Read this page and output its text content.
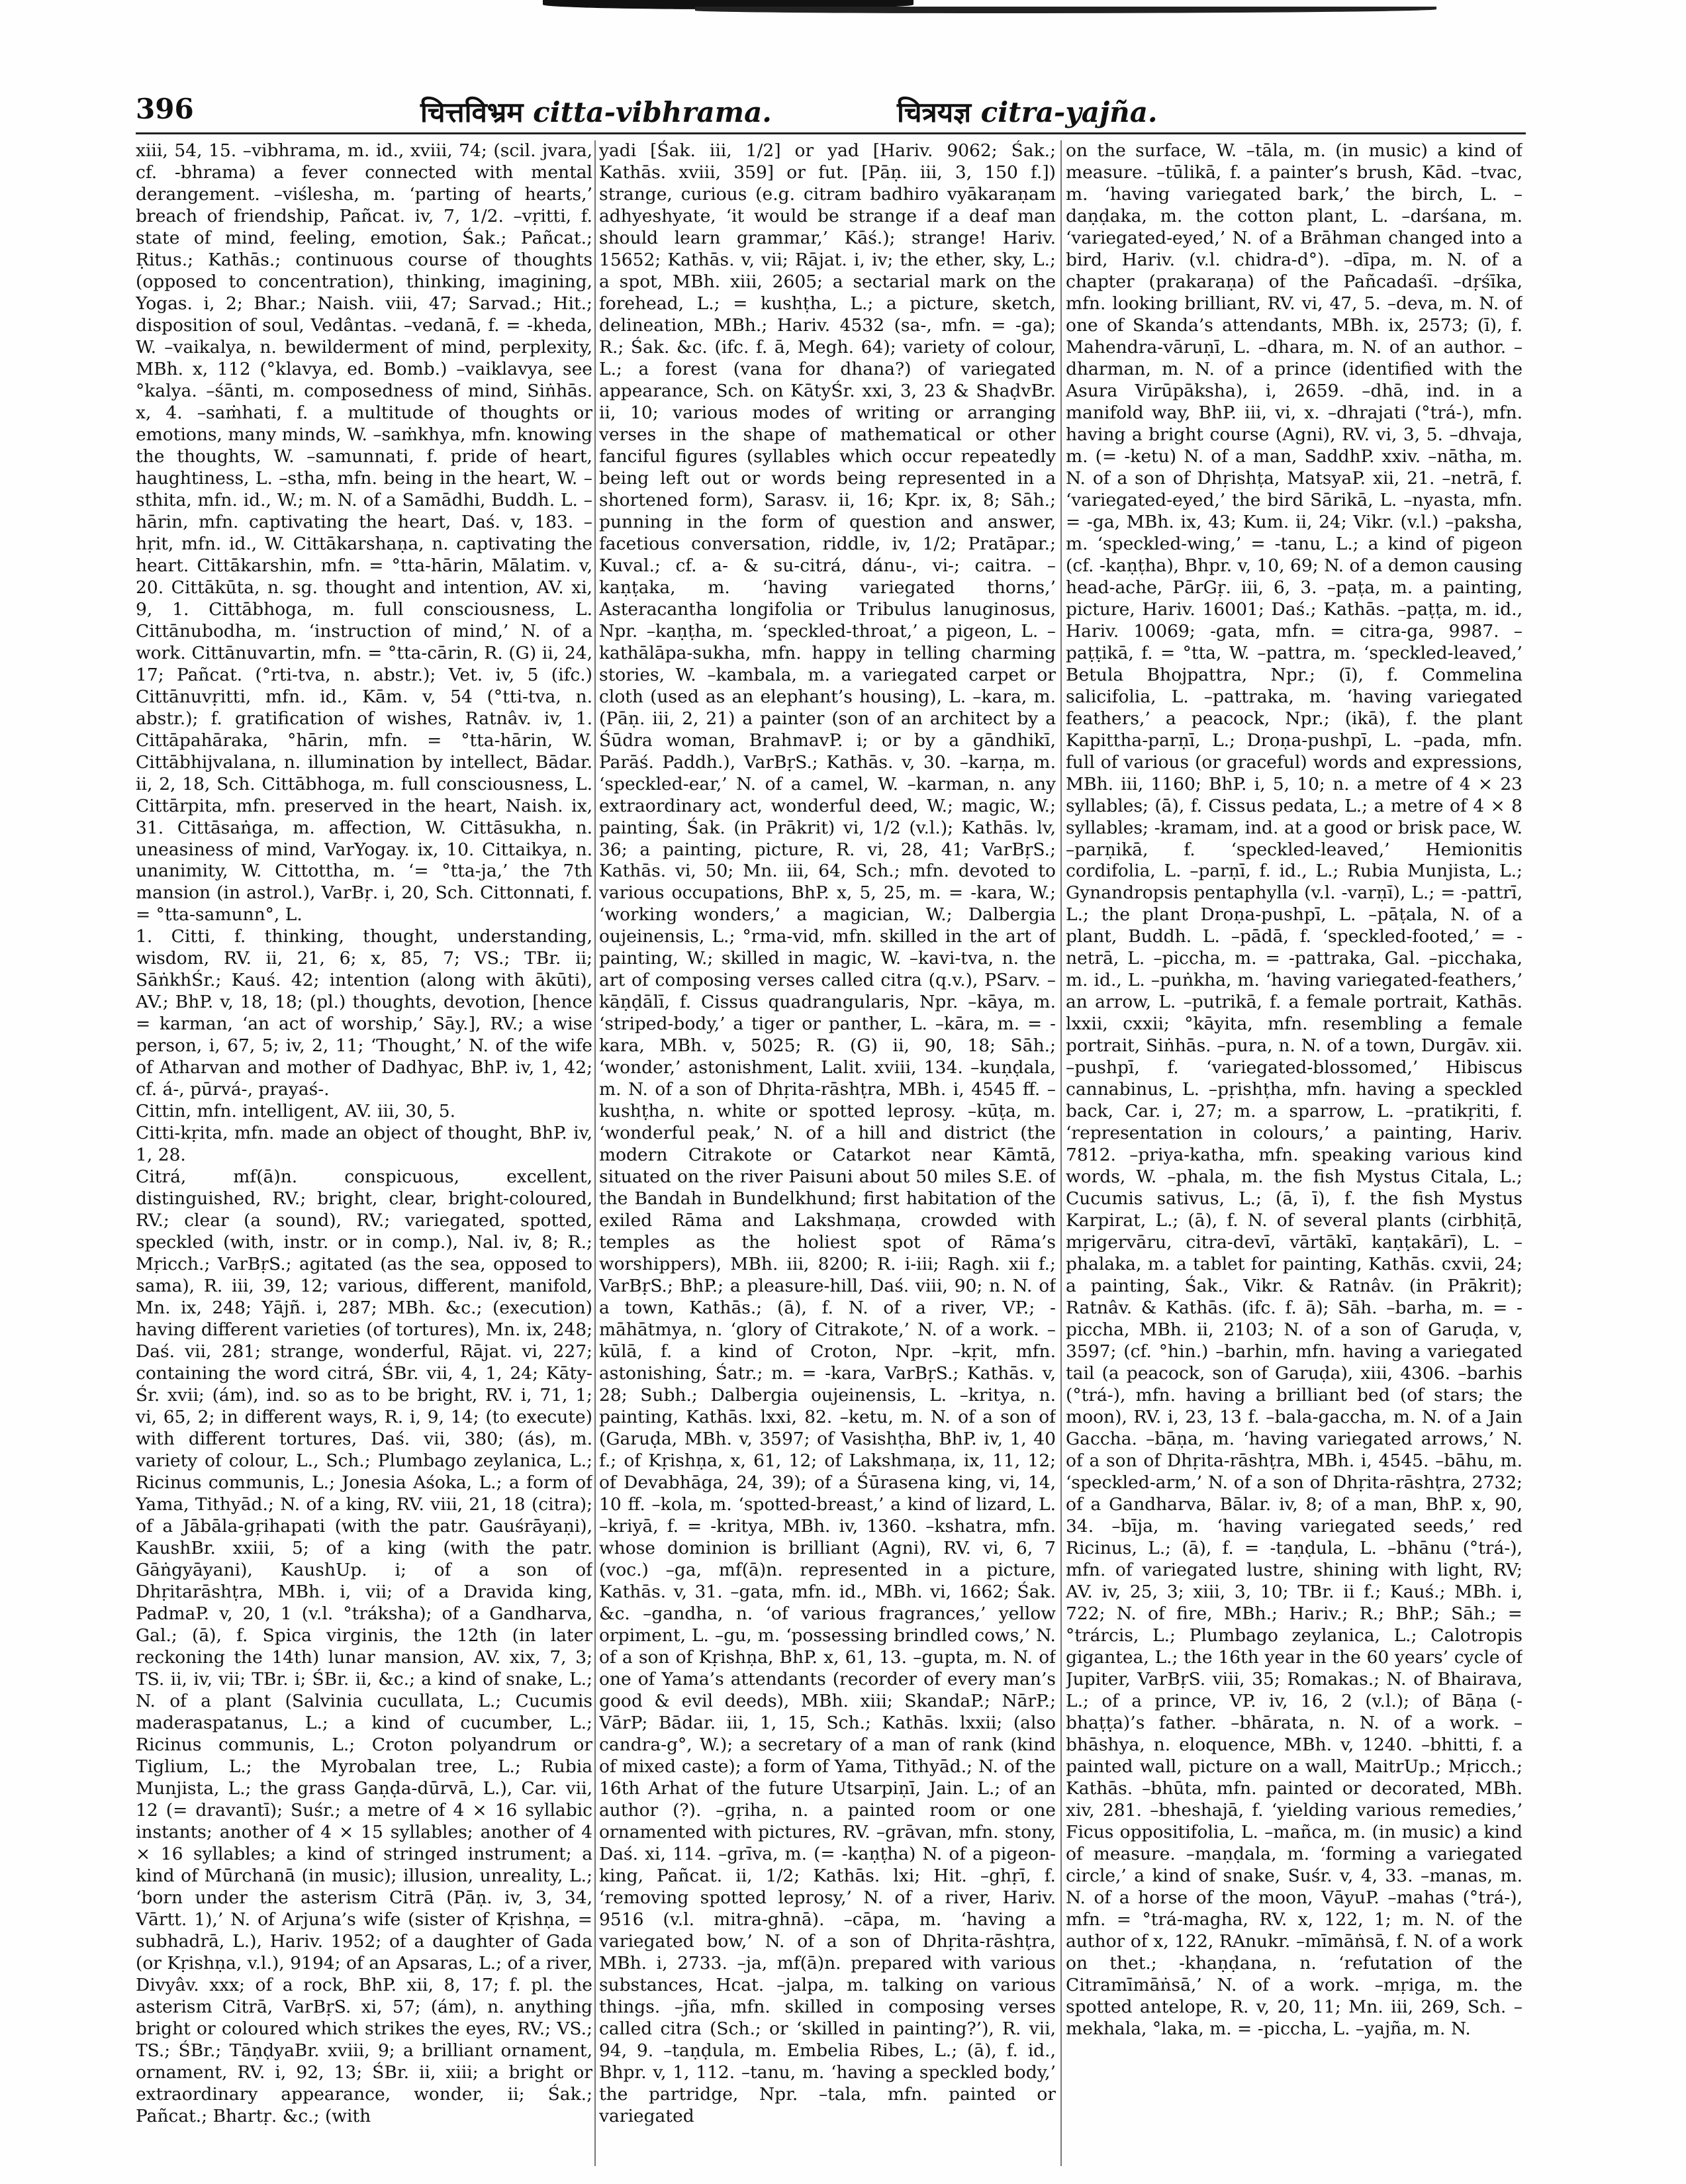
396	चित्तविभ्रम citta-vibhrama.	चित्रयज्ञ citra-yajña.

xiii, 54, 15. –vibhrama, m. id., xviii, 74; (scil. jvara, cf. -bhrama) a fever connected with mental derangement. –viślesha, m. ‘parting of hearts,’ breach of friendship, Pañcat. iv, 7, 1/2. –vṛitti, f. state of mind, feeling, emotion, Śak.; Pañcat.; Ṛitus.; Kathās.; continuous course of thoughts (opposed to concentration), thinking, imagining, Yogas. i, 2; Bhar.; Naish. viii, 47; Sarvad.; Hit.; disposition of soul, Vedântas. –vedanā, f. = -kheda, W. –vaikalya, n. bewilderment of mind, perplexity, MBh. x, 112 (°klavya, ed. Bomb.) –vaiklavya, see °kalya. –śānti, m. composedness of mind, Siṅhās. x, 4. –saṁhati, f. a multitude of thoughts or emotions, many minds, W. –saṁkhya, mfn. knowing the thoughts, W. –samunnati, f. pride of heart, haughtiness, L. –stha, mfn. being in the heart, W. –sthita, mfn. id., W.; m. N. of a Samādhi, Buddh. L. –hārin, mfn. captivating the heart, Daś. v, 183. –hṛit, mfn. id., W. Cittākarshaṇa, n. captivating the heart. Cittākarshin, mfn. = °tta-hārin, Mālatim. v, 20. Cittākūta, n. sg. thought and intention, AV. xi, 9, 1. Cittābhoga, m. full consciousness, L. Cittānubodha, m. ‘instruction of mind,’ N. of a work. Cittānuvartin, mfn. = °tta-cārin, R. (G) ii, 24, 17; Pañcat. (°rti-tva, n. abstr.); Vet. iv, 5 (ifc.) Cittānuvṛitti, mfn. id., Kām. v, 54 (°tti-tva, n. abstr.); f. gratification of wishes, Ratnâv. iv, 1. Cittāpahāraka, °hārin, mfn. = °tta-hārin, W. Cittābhijvalana, n. illumination by intellect, Bādar. ii, 2, 18, Sch. Cittābhoga, m. full consciousness, L. Cittārpita, mfn. preserved in the heart, Naish. ix, 31. Cittāsaṅga, m. affection, W. Cittāsukha, n. uneasiness of mind, VarYogay. ix, 10. Cittaikya, n. unanimity, W. Cittottha, m. ‘= °tta-ja,’ the 7th mansion (in astrol.), VarBṛ. i, 20, Sch. Cittonnati, f. = °tta-samunn°, L.
1. Citti, f. thinking, thought, understanding, wisdom, RV. ii, 21, 6; x, 85, 7; VS.; TBr. ii; SāṅkhŚr.; Kauś. 42; intention (along with ākūti), AV.; BhP. v, 18, 18; (pl.) thoughts, devotion, [hence = karman, ‘an act of worship,’ Sāy.], RV.; a wise person, i, 67, 5; iv, 2, 11; ‘Thought,’ N. of the wife of Atharvan and mother of Dadhyac, BhP. iv, 1, 42; cf. á-, pūrvá-, prayaś-.
Cittin, mfn. intelligent, AV. iii, 30, 5.
Citti-kṛita, mfn. made an object of thought, BhP. iv, 1, 28.
Citrá, mf(ā)n. conspicuous, excellent, distinguished, RV.; bright, clear, bright-coloured, RV.; clear (a sound), RV.; variegated, spotted, speckled (with, instr. or in comp.), Nal. iv, 8; R.; Mṛicch.; VarBṛS.; agitated (as the sea, opposed to sama), R. iii, 39, 12; various, different, manifold, Mn. ix, 248; Yājñ. i, 287; MBh. &c.; (execution) having different varieties (of tortures), Mn. ix, 248; Daś. vii, 281; strange, wonderful, Rājat. vi, 227; containing the word citrá, ŚBr. vii, 4, 1, 24; Kāty-Śr. xvii; (ám), ind. so as to be bright, RV. i, 71, 1; vi, 65, 2; in different ways, R. i, 9, 14; (to execute) with different tortures, Daś. vii, 380; (ás), m. variety of colour, L., Sch.; Plumbago zeylanica, L.; Ricinus communis, L.; Jonesia Aśoka, L.; a form of Yama, Tithyād.; N. of a king, RV. viii, 21, 18 (citra); of a Jābāla-gṛihapati (with the patr. Gauśrāyaṇi), KaushBr. xxiii, 5; of a king (with the patr. Gāṅgyāyani), KaushUp. i; of a son of Dhṛitarāshṭra, MBh. i, vii; of a Dravida king, PadmaP. v, 20, 1 (v.l. °tráksha); of a Gandharva, Gal.; (ā), f. Spica virginis, the 12th (in later reckoning the 14th) lunar mansion, AV. xix, 7, 3; TS. ii, iv, vii; TBr. i; ŚBr. ii, &c.; a kind of snake, L.; N. of a plant (Salvinia cucullata, L.; Cucumis maderaspatanus, L.; a kind of cucumber, L.; Ricinus communis, L.; Croton polyandrum or Tiglium, L.; the Myrobalan tree, L.; Rubia Munjista, L.; the grass Gaṇḍa-dūrvā, L.), Car. vii, 12 (= dravantī); Suśr.; a metre of 4 × 16 syllabic instants; another of 4 × 15 syllables; another of 4 × 16 syllables; a kind of stringed instrument; a kind of Mūrchanā (in music); illusion, unreality, L.; ‘born under the asterism Citrā (Pāṇ. iv, 3, 34, Vārtt. 1),’ N. of Arjuna’s wife (sister of Kṛishṇa, = subhadrā, L.), Hariv. 1952; of a daughter of Gada (or Kṛishṇa, v.l.), 9194; of an Apsaras, L.; of a river, Divyâv. xxx; of a rock, BhP. xii, 8, 17; f. pl. the asterism Citrā, VarBṛS. xi, 57; (ám), n. anything bright or coloured which strikes the eyes, RV.; VS.; TS.; ŚBr.; TāṇḍyaBr. xviii, 9; a brilliant ornament, ornament, RV. i, 92, 13; ŚBr. ii, xiii; a bright or extraordinary appearance, wonder, ii; Śak.; Pañcat.; Bhartṛ. &c.; (with

yadi [Śak. iii, 1/2] or yad [Hariv. 9062; Śak.; Kathās. xviii, 359] or fut. [Pāṇ. iii, 3, 150 f.]) strange, curious (e.g. citram badhiro vyākaraṇam adhyeshyate, ‘it would be strange if a deaf man should learn grammar,’ Kāś.); strange! Hariv. 15652; Kathās. v, vii; Rājat. i, iv; the ether, sky, L.; a spot, MBh. xiii, 2605; a sectarial mark on the forehead, L.; = kushṭha, L.; a picture, sketch, delineation, MBh.; Hariv. 4532 (sa-, mfn. = -ga); R.; Śak. &c. (ifc. f. ā, Megh. 64); variety of colour, L.; a forest (vana for dhana?) of variegated appearance, Sch. on KātyŚr. xxi, 3, 23 & ShaḍvBr. ii, 10; various modes of writing or arranging verses in the shape of mathematical or other fanciful figures (syllables which occur repeatedly being left out or words being represented in a shortened form), Sarasv. ii, 16; Kpr. ix, 8; Sāh.; punning in the form of question and answer, facetious conversation, riddle, iv, 1/2; Pratāpar.; Kuval.; cf. a- & su-citrá, dánu-, vi-; caitra. –kaṇṭaka, m. ‘having variegated thorns,’ Asteracantha longifolia or Tribulus lanuginosus, Npr. –kaṇṭha, m. ‘speckled-throat,’ a pigeon, L. –kathālāpa-sukha, mfn. happy in telling charming stories, W. –kambala, m. a variegated carpet or cloth (used as an elephant’s housing), L. –kara, m. (Pāṇ. iii, 2, 21) a painter (son of an architect by a Śūdra woman, BrahmavP. i; or by a gāndhikī, Parāś. Paddh.), VarBṛS.; Kathās. v, 30. –karṇa, m. ‘speckled-ear,’ N. of a camel, W. –karman, n. any extraordinary act, wonderful deed, W.; magic, W.; painting, Śak. (in Prākrit) vi, 1/2 (v.l.); Kathās. lv, 36; a painting, picture, R. vi, 28, 41; VarBṛS.; Kathās. vi, 50; Mn. iii, 64, Sch.; mfn. devoted to various occupations, BhP. x, 5, 25, m. = -kara, W.; ‘working wonders,’ a magician, W.; Dalbergia oujeinensis, L.; °rma-vid, mfn. skilled in the art of painting, W.; skilled in magic, W. –kavi-tva, n. the art of composing verses called citra (q.v.), PSarv. –kāṇḍālī, f. Cissus quadrangularis, Npr. –kāya, m. ‘striped-body,’ a tiger or panther, L. –kāra, m. = -kara, MBh. v, 5025; R. (G) ii, 90, 18; Sāh.; ‘wonder,’ astonishment, Lalit. xviii, 134. –kuṇḍala, m. N. of a son of Dhṛita-rāshṭra, MBh. i, 4545 ff. –kushṭha, n. white or spotted leprosy. –kūṭa, m. ‘wonderful peak,’ N. of a hill and district (the modern Citrakote or Catarkot near Kāmtā, situated on the river Paisuni about 50 miles S.E. of the Bandah in Bundelkhund; first habitation of the exiled Rāma and Lakshmaṇa, crowded with temples as the holiest spot of Rāma’s worshippers), MBh. iii, 8200; R. i-iii; Ragh. xii f.; VarBṛS.; BhP.; a pleasure-hill, Daś. viii, 90; n. N. of a town, Kathās.; (ā), f. N. of a river, VP.; -māhātmya, n. ‘glory of Citrakote,’ N. of a work. –kūlā, f. a kind of Croton, Npr. –kṛit, mfn. astonishing, Śatr.; m. = -kara, VarBṛS.; Kathās. v, 28; Subh.; Dalbergia oujeinensis, L. –kritya, n. painting, Kathās. lxxi, 82. –ketu, m. N. of a son of (Garuḍa, MBh. v, 3597; of Vasishṭha, BhP. iv, 1, 40 f.; of Kṛishṇa, x, 61, 12; of Lakshmaṇa, ix, 11, 12; of Devabhāga, 24, 39); of a Śūrasena king, vi, 14, 10 ff. –kola, m. ‘spotted-breast,’ a kind of lizard, L. –kriyā, f. = -kritya, MBh. iv, 1360. –kshatra, mfn. whose dominion is brilliant (Agni), RV. vi, 6, 7 (voc.) –ga, mf(ā)n. represented in a picture, Kathās. v, 31. –gata, mfn. id., MBh. vi, 1662; Śak. &c. –gandha, n. ‘of various fragrances,’ yellow orpiment, L. –gu, m. ‘possessing brindled cows,’ N. of a son of Kṛishṇa, BhP. x, 61, 13. –gupta, m. N. of one of Yama’s attendants (recorder of every man’s good & evil deeds), MBh. xiii; SkandaP.; NārP.; VārP; Bādar. iii, 1, 15, Sch.; Kathās. lxxii; (also candra-g°, W.); a secretary of a man of rank (kind of mixed caste); a form of Yama, Tithyād.; N. of the 16th Arhat of the future Utsarpiṇī, Jain. L.; of an author (?). –gṛiha, n. a painted room or one ornamented with pictures, RV. –grāvan, mfn. stony, Daś. xi, 114. –grīva, m. (= -kaṇṭha) N. of a pigeon-king, Pañcat. ii, 1/2; Kathās. lxi; Hit. –ghṛī, f. ‘removing spotted leprosy,’ N. of a river, Hariv. 9516 (v.l. mitra-ghnā). –cāpa, m. ‘having a variegated bow,’ N. of a son of Dhṛita-rāshṭra, MBh. i, 2733. –ja, mf(ā)n. prepared with various substances, Hcat. –jalpa, m. talking on various things. –jña, mfn. skilled in composing verses called citra (Sch.; or ‘skilled in painting?’), R. vii, 94, 9. –taṇḍula, m. Embelia Ribes, L.; (ā), f. id., Bhpr. v, 1, 112. –tanu, m. ‘having a speckled body,’ the partridge, Npr. –tala, mfn. painted or variegated

on the surface, W. –tāla, m. (in music) a kind of measure. –tūlikā, f. a painter’s brush, Kād. –tvac, m. ‘having variegated bark,’ the birch, L. –daṇḍaka, m. the cotton plant, L. –darśana, m. ‘variegated-eyed,’ N. of a Brāhman changed into a bird, Hariv. (v.l. chidra-d°). –dīpa, m. N. of a chapter (prakaraṇa) of the Pañcadaśī. –dṛśīka, mfn. looking brilliant, RV. vi, 47, 5. –deva, m. N. of one of Skanda’s attendants, MBh. ix, 2573; (ī), f. Mahendra-vāruṇī, L. –dhara, m. N. of an author. –dharman, m. N. of a prince (identified with the Asura Virūpāksha), i, 2659. –dhā, ind. in a manifold way, BhP. iii, vi, x. –dhrajati (°trá-), mfn. having a bright course (Agni), RV. vi, 3, 5. –dhvaja, m. (= -ketu) N. of a man, SaddhP. xxiv. –nātha, m. N. of a son of Dhṛishṭa, MatsyaP. xii, 21. –netrā, f. ‘variegated-eyed,’ the bird Sārikā, L. –nyasta, mfn. = -ga, MBh. ix, 43; Kum. ii, 24; Vikr. (v.l.) –paksha, m. ‘speckled-wing,’ = -tanu, L.; a kind of pigeon (cf. -kaṇṭha), Bhpr. v, 10, 69; N. of a demon causing head-ache, PārGṛ. iii, 6, 3. –paṭa, m. a painting, picture, Hariv. 16001; Daś.; Kathās. –paṭṭa, m. id., Hariv. 10069; -gata, mfn. = citra-ga, 9987. –paṭṭikā, f. = °tta, W. –pattra, m. ‘speckled-leaved,’ Betula Bhojpattra, Npr.; (ī), f. Commelina salicifolia, L. –pattraka, m. ‘having variegated feathers,’ a peacock, Npr.; (ikā), f. the plant Kapittha-parṇī, L.; Droṇa-pushpī, L. –pada, mfn. full of various (or graceful) words and expressions, MBh. iii, 1160; BhP. i, 5, 10; n. a metre of 4 × 23 syllables; (ā), f. Cissus pedata, L.; a metre of 4 × 8 syllables; -kramam, ind. at a good or brisk pace, W. –parṇikā, f. ‘speckled-leaved,’ Hemionitis cordifolia, L. –parṇī, f. id., L.; Rubia Munjista, L.; Gynandropsis pentaphylla (v.l. -varṇī), L.; = -pattrī, L.; the plant Droṇa-pushpī, L. –pāṭala, N. of a plant, Buddh. L. –pādā, f. ‘speckled-footed,’ = -netrā, L. –piccha, m. = -pattraka, Gal. –picchaka, m. id., L. –puṅkha, m. ‘having variegated-feathers,’ an arrow, L. –putrikā, f. a female portrait, Kathās. lxxii, cxxii; °kāyita, mfn. resembling a female portrait, Siṅhās. –pura, n. N. of a town, Durgāv. xii. –pushpī, f. ‘variegated-blossomed,’ Hibiscus cannabinus, L. –pṛishṭha, mfn. having a speckled back, Car. i, 27; m. a sparrow, L. –pratikṛiti, f. ‘representation in colours,’ a painting, Hariv. 7812. –priya-katha, mfn. speaking various kind words, W. –phala, m. the fish Mystus Citala, L.; Cucumis sativus, L.; (ā, ī), f. the fish Mystus Karpirat, L.; (ā), f. N. of several plants (cirbhiṭā, mṛigervāru, citra-devī, vārtākī, kaṇṭakārī), L. –phalaka, m. a tablet for painting, Kathās. cxvii, 24; a painting, Śak., Vikr. & Ratnâv. (in Prākrit); Ratnâv. & Kathās. (ifc. f. ā); Sāh. –barha, m. = -piccha, MBh. ii, 2103; N. of a son of Garuḍa, v, 3597; (cf. °hin.) –barhin, mfn. having a variegated tail (a peacock, son of Garuḍa), xiii, 4306. –barhis (°trá-), mfn. having a brilliant bed (of stars; the moon), RV. i, 23, 13 f. –bala-gaccha, m. N. of a Jain Gaccha. –bāṇa, m. ‘having variegated arrows,’ N. of a son of Dhṛita-rāshṭra, MBh. i, 4545. –bāhu, m. ‘speckled-arm,’ N. of a son of Dhṛita-rāshṭra, 2732; of a Gandharva, Bālar. iv, 8; of a man, BhP. x, 90, 34. –bīja, m. ‘having variegated seeds,’ red Ricinus, L.; (ā), f. = -taṇḍula, L. –bhānu (°trá-), mfn. of variegated lustre, shining with light, RV; AV. iv, 25, 3; xiii, 3, 10; TBr. ii f.; Kauś.; MBh. i, 722; N. of fire, MBh.; Hariv.; R.; BhP.; Sāh.; = °trárcis, L.; Plumbago zeylanica, L.; Calotropis gigantea, L.; the 16th year in the 60 years’ cycle of Jupiter, VarBṛS. viii, 35; Romakas.; N. of Bhairava, L.; of a prince, VP. iv, 16, 2 (v.l.); of Bāṇa (-bhaṭṭa)’s father. –bhārata, n. N. of a work. –bhāshya, n. eloquence, MBh. v, 1240. –bhitti, f. a painted wall, picture on a wall, MaitrUp.; Mṛicch.; Kathās. –bhūta, mfn. painted or decorated, MBh. xiv, 281. –bheshajā, f. ‘yielding various remedies,’ Ficus oppositifolia, L. –mañca, m. (in music) a kind of measure. –maṇḍala, m. ‘forming a variegated circle,’ a kind of snake, Suśr. v, 4, 33. –manas, m. N. of a horse of the moon, VāyuP. –mahas (°trá-), mfn. = °trá-magha, RV. x, 122, 1; m. N. of the author of x, 122, RAnukr. –mīmāṅsā, f. N. of a work on thet.; -khaṇḍana, n. ‘refutation of the Citramīmāṅsā,’ N. of a work. –mṛiga, m. the spotted antelope, R. v, 20, 11; Mn. iii, 269, Sch. –mekhala, °laka, m. = -piccha, L. –yajña, m. N.
